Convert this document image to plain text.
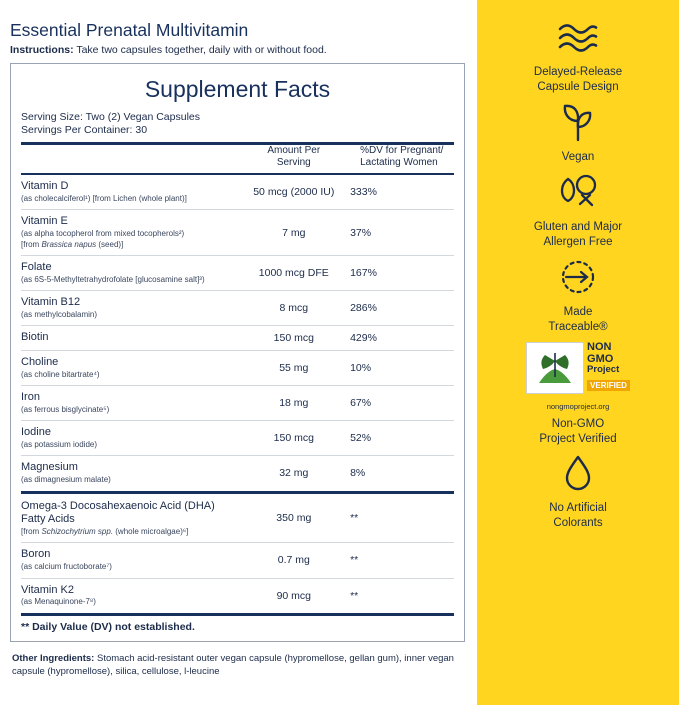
Essential Prenatal Multivitamin
Instructions: Take two capsules together, daily with or without food.
Supplement Facts
Serving Size: Two (2) Vegan Capsules
Servings Per Container: 30

Amount Per
Serving

%DV for Pregnant/
Lactating Women

Vitamin D
(as cholecalciferol¹) [from Lichen (whole plant)]	50 mcg (2000 IU)	333%
Vitamin E
(as alpha tocopherol from mixed tocopherols²)
[from Brassica napus (seed)]	7 mg	37%
Folate
(as 6S-5-Methyltetrahydrofolate [glucosamine salt]³)	1000 mcg DFE	167%
Vitamin B12
(as methylcobalamin)	8 mcg	286%
Biotin	150 mcg	429%
Choline
(as choline bitartrate⁴)	55 mg	10%
Iron
(as ferrous bisglycinate⁵)	18 mg	67%
Iodine
(as potassium iodide)	150 mcg	52%
Magnesium
(as dimagnesium malate)	32 mg	8%
Omega-3 Docosahexaenoic Acid (DHA)
Fatty Acids
[from Schizochytrium spp. (whole microalgae)⁶]	350 mg	**
Boron
(as calcium fructoborate⁷)	0.7 mg	**
Vitamin K2
(as Menaquinone-7⁸)	90 mcg	**
** Daily Value (DV) not established.		
Other Ingredients: Stomach acid-resistant outer vegan capsule (hypromellose, gellan gum), inner vegan capsule (hypromellose), silica, cellulose, l-leucine
Delayed-Release
Capsule Design
Vegan
Gluten and Major
Allergen Free
Made
Traceable®
NON
GMO
Project
VERIFIED
nongmoproject.org
Non-GMO
Project Verified
No Artificial
Colorants
